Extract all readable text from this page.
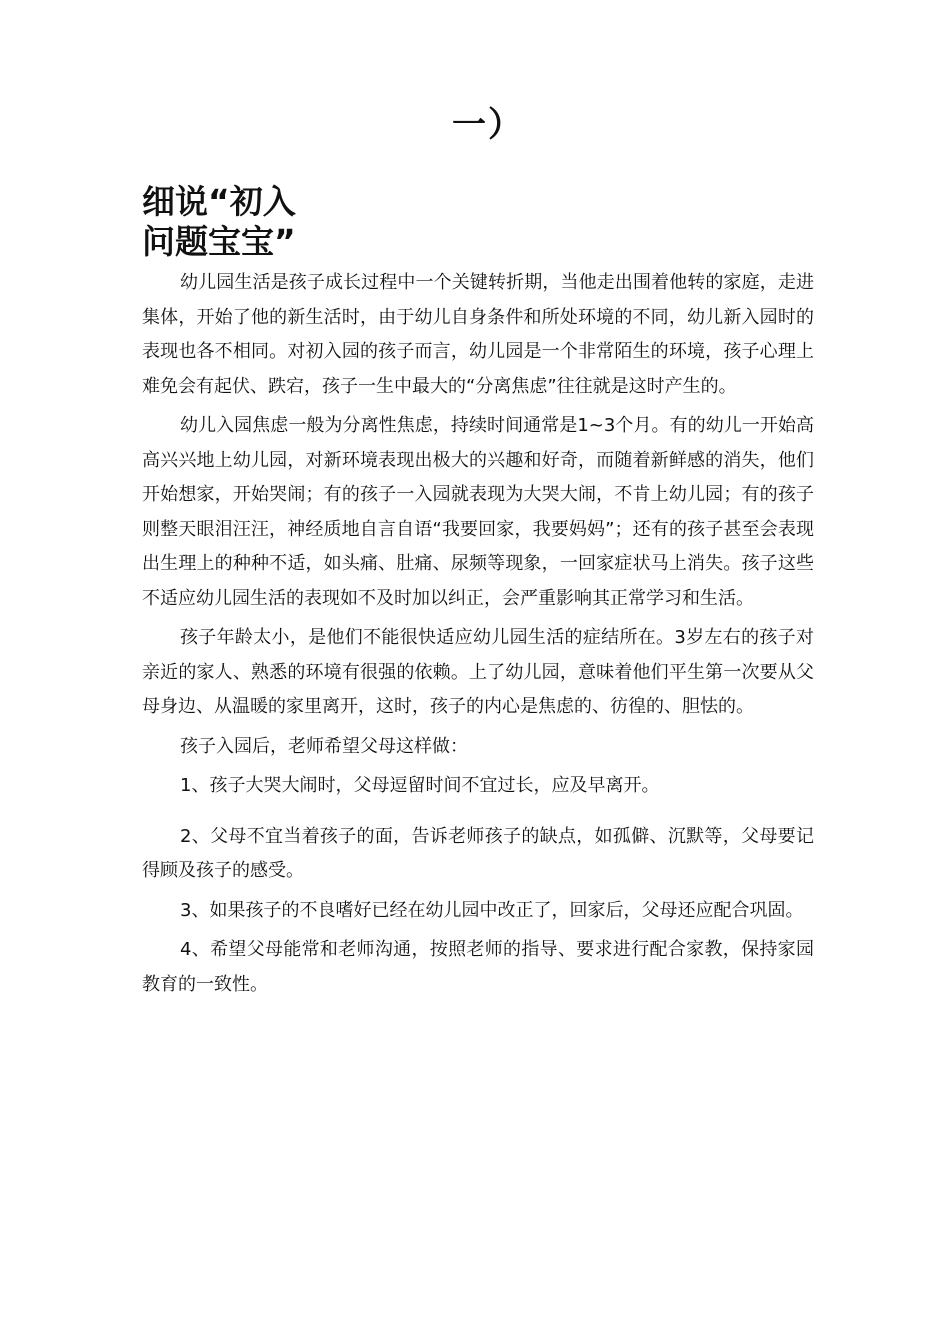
一）
细说“初入
问题宝宝”

幼儿园生活是孩子成长过程中一个关键转折期，当他走出围着他转的家庭，走进集体，开始了他的新生活时，由于幼儿自身条件和所处环境的不同，幼儿新入园时的表现也各不相同。对初入园的孩子而言，幼儿园是一个非常陌生的环境，孩子心理上难免会有起伏、跌宕，孩子一生中最大的“分离焦虑”往往就是这时产生的。

幼儿入园焦虑一般为分离性焦虑，持续时间通常是1~3个月。有的幼儿一开始高高兴兴地上幼儿园，对新环境表现出极大的兴趣和好奇，而随着新鲜感的消失，他们开始想家，开始哭闹；有的孩子一入园就表现为大哭大闹，不肯上幼儿园；有的孩子则整天眼泪汪汪，神经质地自言自语“我要回家，我要妈妈”；还有的孩子甚至会表现出生理上的种种不适，如头痛、肚痛、尿频等现象，一回家症状马上消失。孩子这些不适应幼儿园生活的表现如不及时加以纠正，会严重影响其正常学习和生活。

孩子年龄太小，是他们不能很快适应幼儿园生活的症结所在。3岁左右的孩子对亲近的家人、熟悉的环境有很强的依赖。上了幼儿园，意味着他们平生第一次要从父母身边、从温暖的家里离开，这时，孩子的内心是焦虑的、彷徨的、胆怯的。

孩子入园后，老师希望父母这样做：

1、孩子大哭大闹时，父母逗留时间不宜过长，应及早离开。

2、父母不宜当着孩子的面，告诉老师孩子的缺点，如孤僻、沉默等，父母要记得顾及孩子的感受。

3、如果孩子的不良嗜好已经在幼儿园中改正了，回家后，父母还应配合巩固。

4、希望父母能常和老师沟通，按照老师的指导、要求进行配合家教，保持家园教育的一致性。
